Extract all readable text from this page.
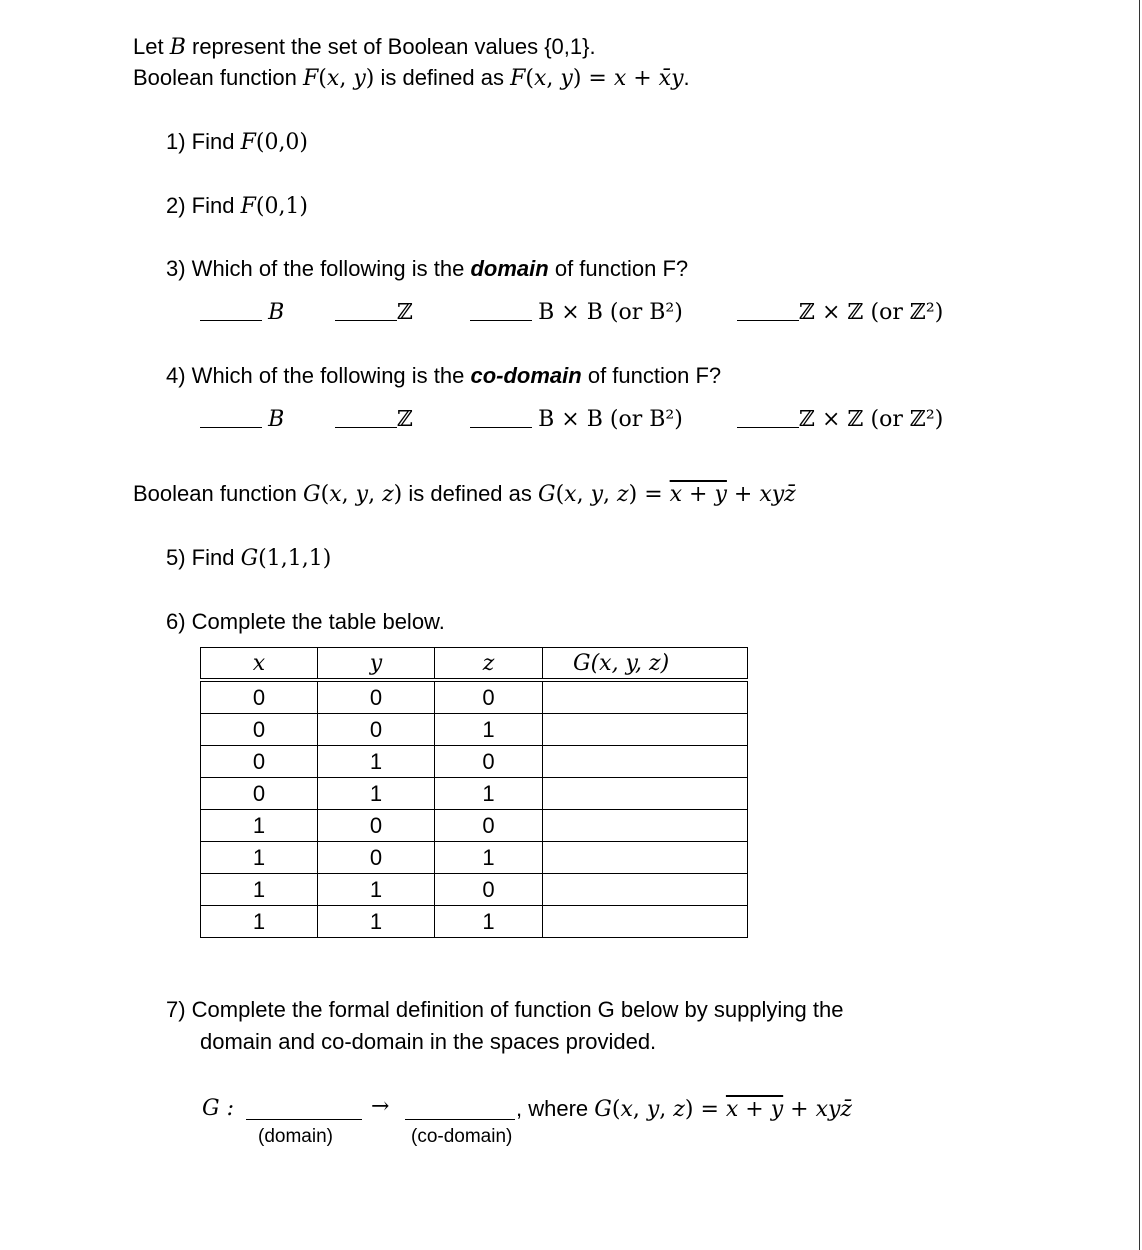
Let B represent the set of Boolean values {0,1}.
Boolean function F(x, y) is defined as F(x, y) = x + x̄y.
1) Find F(0,0)
2) Find F(0,1)
3) Which of the following is the domain of function F?
B	ℤ	B × B (or B²)	ℤ × ℤ (or ℤ²)
4) Which of the following is the co-domain of function F?
B	ℤ	B × B (or B²)	ℤ × ℤ (or ℤ²)
Boolean function G(x, y, z) is defined as G(x, y, z) = x + y + xyz̄
5) Find G(1,1,1)
6) Complete the table below.
x	y	z	G(x, y, z)
0	0	0	
0	0	1	
0	1	0	
0	1	1	
1	0	0	
1	0	1	
1	1	0	
1	1	1	
7) Complete the formal definition of function G below by supplying the
domain and co-domain in the spaces provided.
G :	→	, where G(x, y, z) = x + y + xyz̄
(domain)	(co-domain)
